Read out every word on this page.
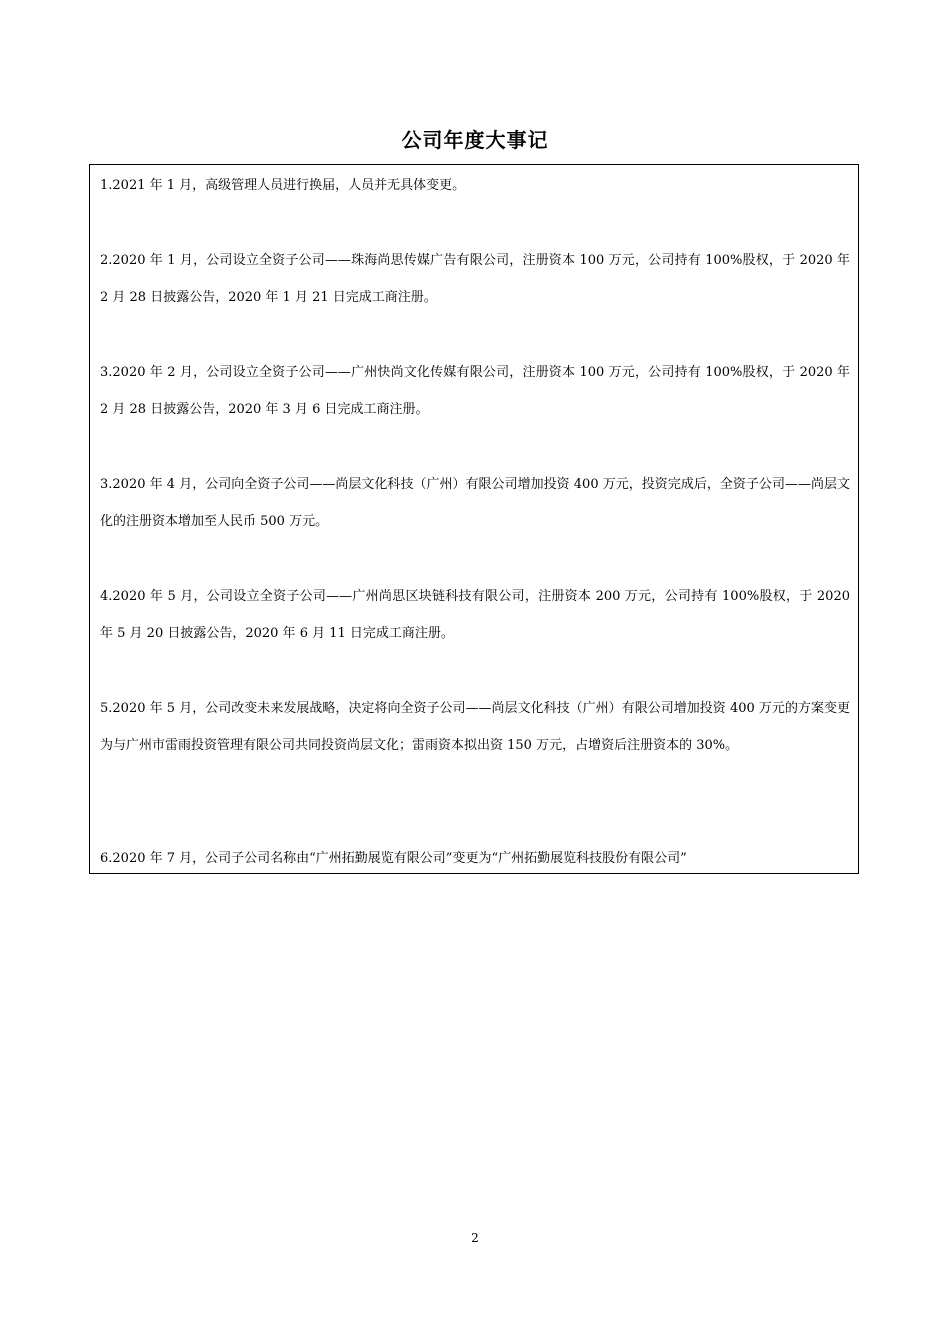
公司年度大事记
1.2021 年 1 月，高级管理人员进行换届，人员并无具体变更。
2.2020 年 1 月，公司设立全资子公司——珠海尚思传媒广告有限公司，注册资本 100 万元，公司持有 100%股权，于 2020 年 2 月 28 日披露公告，2020 年 1 月 21 日完成工商注册。
3.2020 年 2 月，公司设立全资子公司——广州快尚文化传媒有限公司，注册资本 100 万元，公司持有 100%股权，于 2020 年 2 月 28 日披露公告，2020 年 3 月 6 日完成工商注册。
3.2020 年 4 月，公司向全资子公司——尚层文化科技（广州）有限公司增加投资 400 万元，投资完成后，全资子公司——尚层文化的注册资本增加至人民币 500 万元。
4.2020 年 5 月，公司设立全资子公司——广州尚思区块链科技有限公司，注册资本 200 万元，公司持有 100%股权，于 2020 年 5 月 20 日披露公告，2020 年 6 月 11 日完成工商注册。
5.2020 年 5 月，公司改变未来发展战略，决定将向全资子公司——尚层文化科技（广州）有限公司增加投资 400 万元的方案变更为与广州市雷雨投资管理有限公司共同投资尚层文化；雷雨资本拟出资 150 万元，占增资后注册资本的 30%。
6.2020 年 7 月，公司子公司名称由“广州拓勤展览有限公司”变更为“广州拓勤展览科技股份有限公司”
2
